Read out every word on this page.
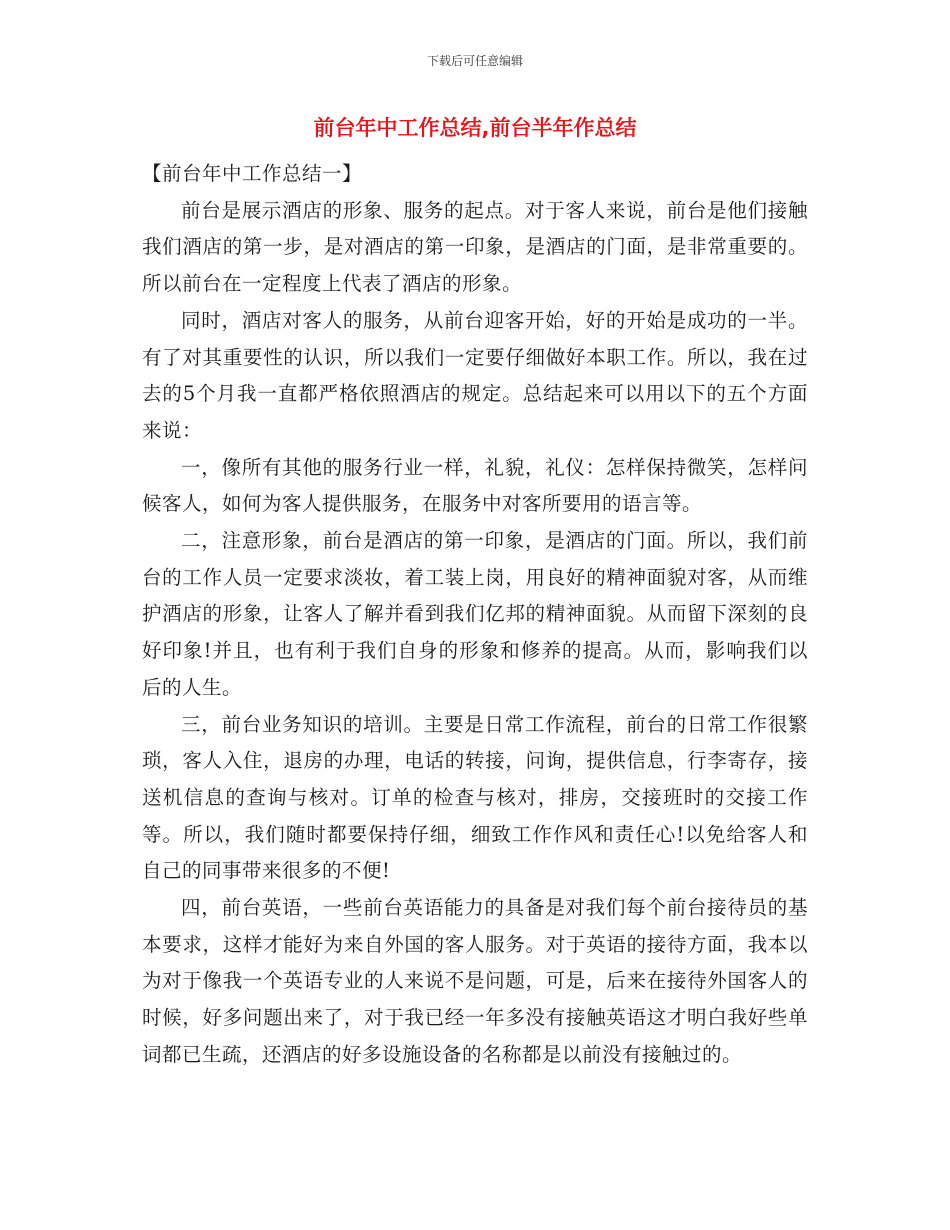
下载后可任意编辑
前台年中工作总结,前台半年作总结

【前台年中工作总结一】

前台是展示酒店的形象、服务的起点。对于客人来说，前台是他们接触我们酒店的第一步，是对酒店的第一印象，是酒店的门面，是非常重要的。所以前台在一定程度上代表了酒店的形象。

同时，酒店对客人的服务，从前台迎客开始，好的开始是成功的一半。有了对其重要性的认识，所以我们一定要仔细做好本职工作。所以，我在过去的5个月我一直都严格依照酒店的规定。总结起来可以用以下的五个方面来说：

一，像所有其他的服务行业一样，礼貌，礼仪：怎样保持微笑，怎样问候客人，如何为客人提供服务，在服务中对客所要用的语言等。

二，注意形象，前台是酒店的第一印象，是酒店的门面。所以，我们前台的工作人员一定要求淡妆，着工装上岗，用良好的精神面貌对客，从而维护酒店的形象，让客人了解并看到我们亿邦的精神面貌。从而留下深刻的良好印象!并且，也有利于我们自身的形象和修养的提高。从而，影响我们以后的人生。

三，前台业务知识的培训。主要是日常工作流程，前台的日常工作很繁琐，客人入住，退房的办理，电话的转接，问询，提供信息，行李寄存，接送机信息的查询与核对。订单的检查与核对，排房，交接班时的交接工作等。所以，我们随时都要保持仔细，细致工作作风和责任心!以免给客人和自己的同事带来很多的不便!

四，前台英语，一些前台英语能力的具备是对我们每个前台接待员的基本要求，这样才能好为来自外国的客人服务。对于英语的接待方面，我本以为对于像我一个英语专业的人来说不是问题，可是，后来在接待外国客人的时候，好多问题出来了，对于我已经一年多没有接触英语这才明白我好些单词都已生疏，还酒店的好多设施设备的名称都是以前没有接触过的。
